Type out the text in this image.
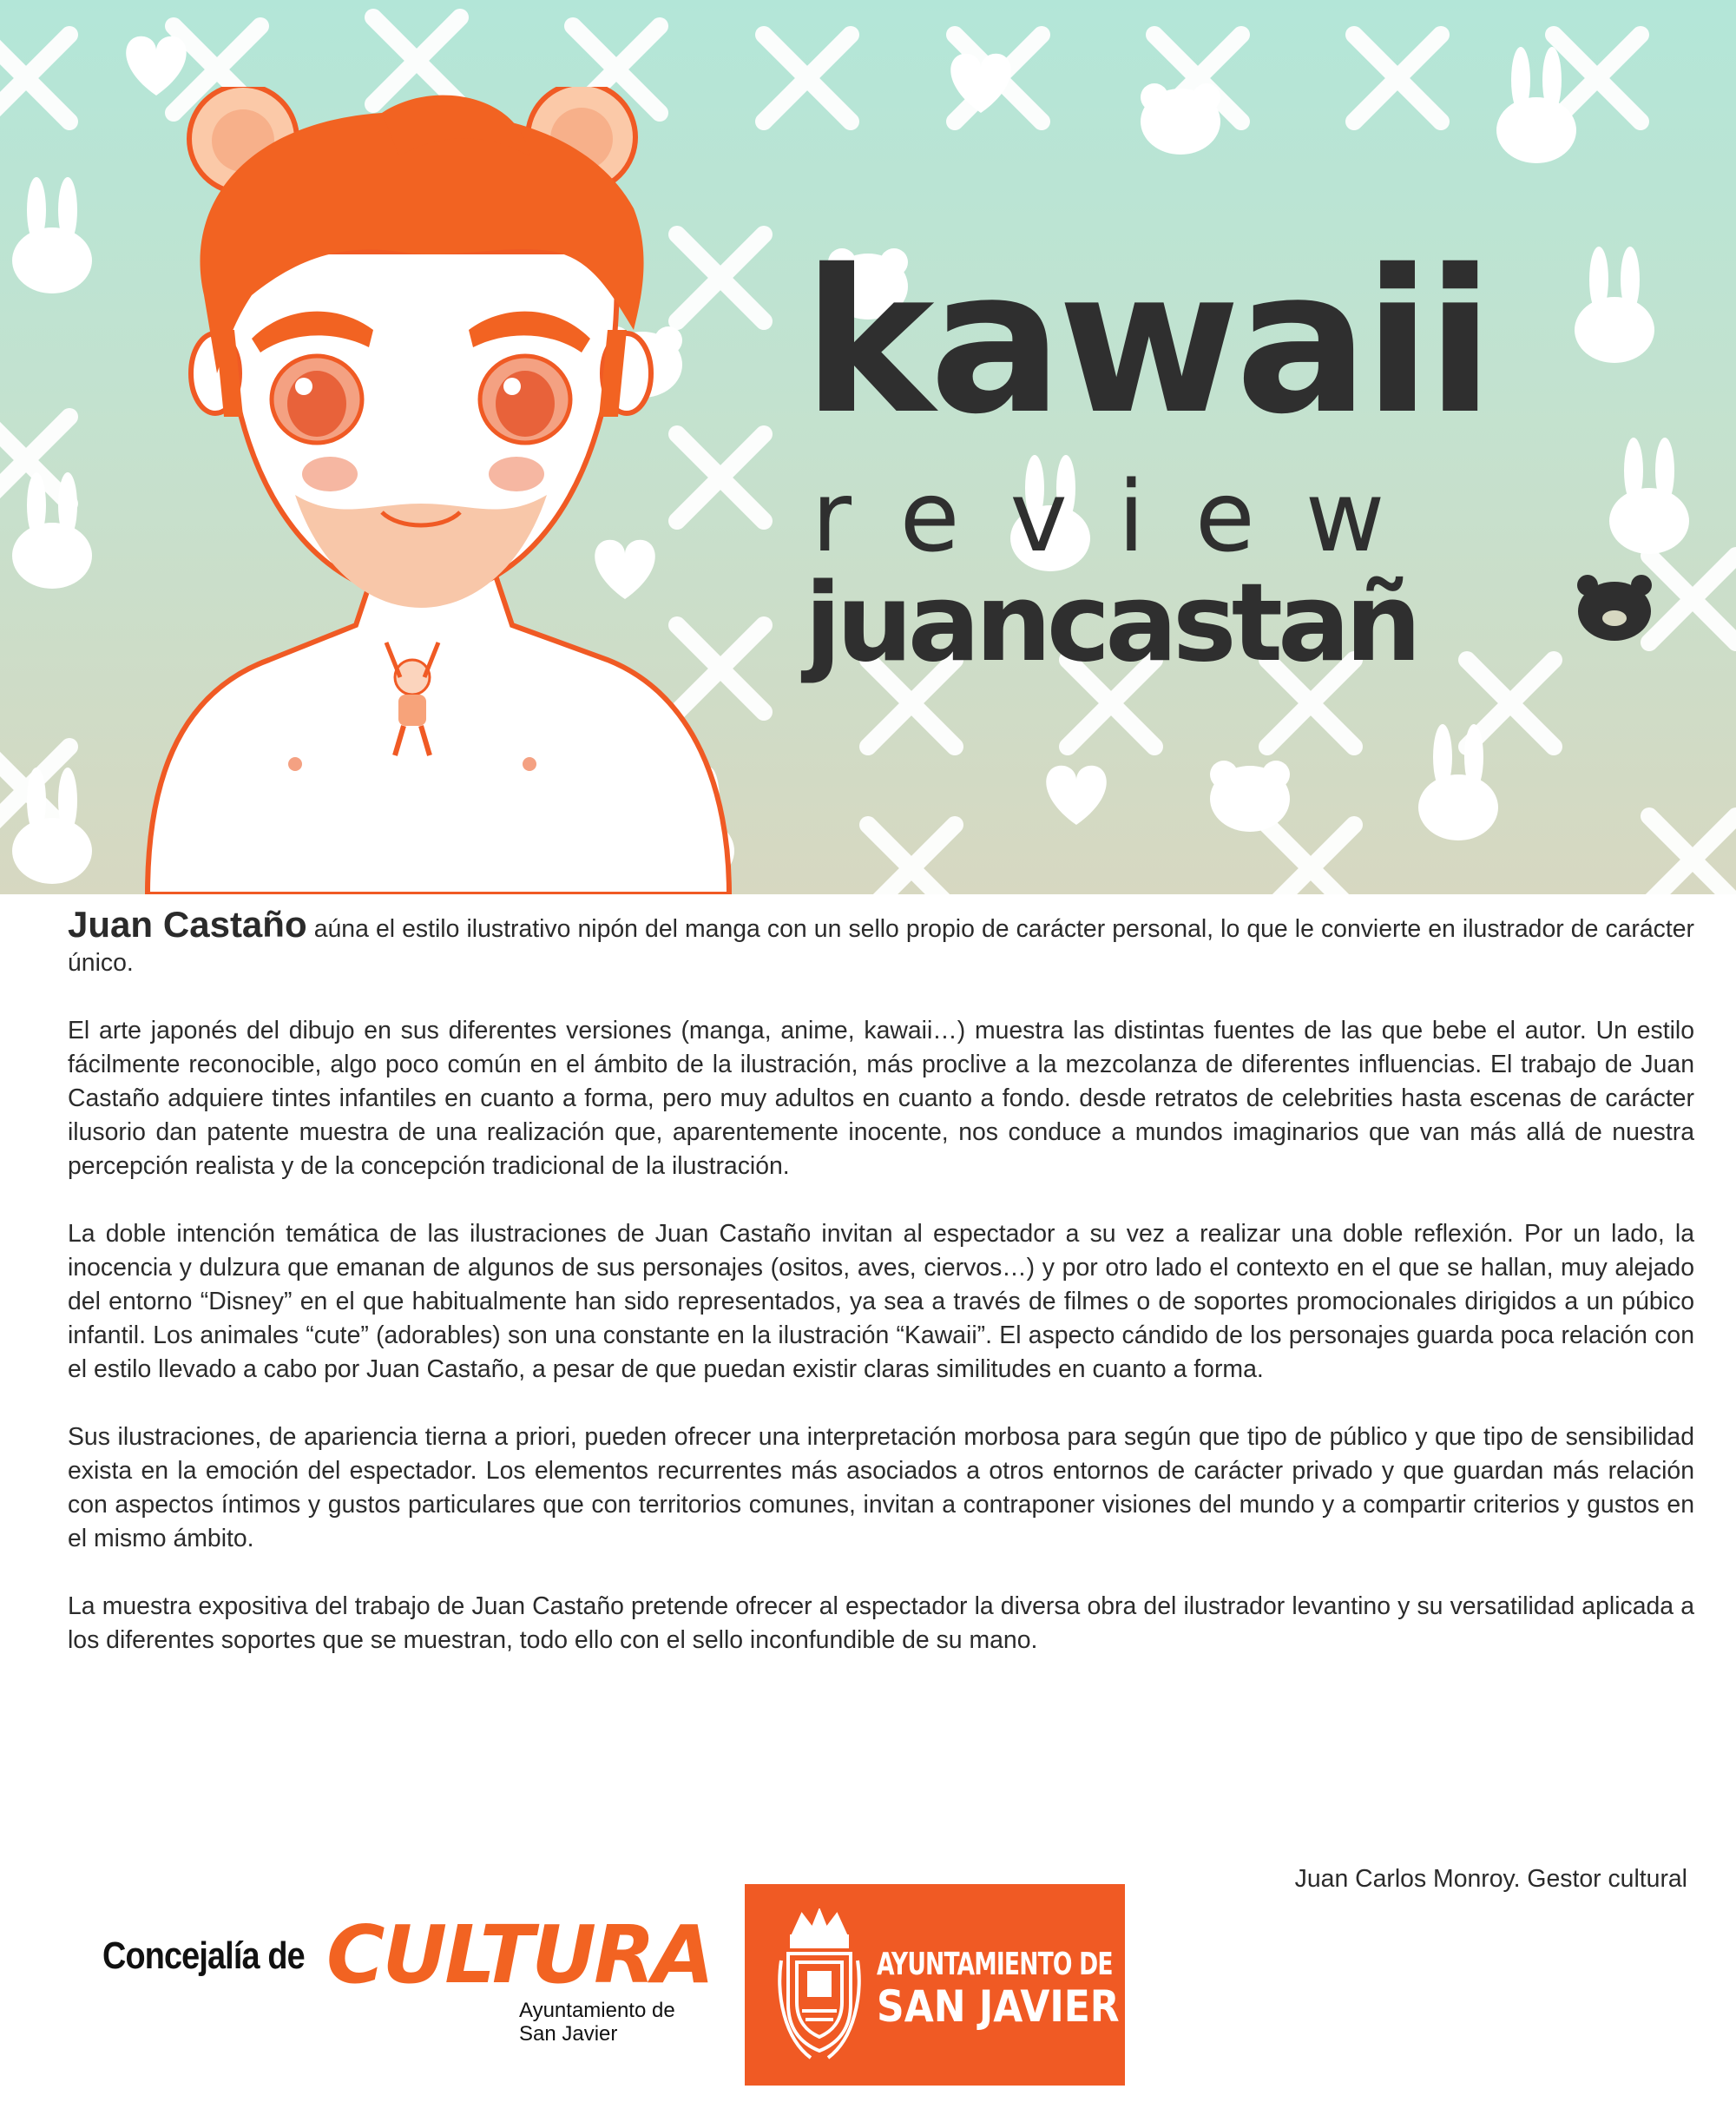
kawaii
review
juancastañ

Juan Castaño aúna el estilo ilustrativo nipón del manga con un sello propio de carácter personal, lo que le convierte en ilustrador de carácter único.

El arte japonés del dibujo en sus diferentes versiones (manga, anime, kawaii…) muestra las distintas fuentes de las que bebe el autor. Un estilo fácilmente reconocible, algo poco común en el ámbito de la ilustración, más proclive a la mezcolanza de diferentes influencias. El trabajo de Juan Castaño adquiere tintes infantiles en cuanto a forma, pero muy adultos en cuanto a fondo. desde retratos de celebrities hasta escenas de carácter ilusorio dan patente muestra de una realización que, aparentemente inocente, nos conduce a mundos imaginarios que van más allá de nuestra percepción realista y de la concepción tradicional de la ilustración.

La doble intención temática de las ilustraciones de Juan Castaño invitan al espectador a su vez a realizar una doble reflexión. Por un lado, la inocencia y dulzura que emanan de algunos de sus personajes (ositos, aves, ciervos…) y por otro lado el contexto en el que se hallan, muy alejado del entorno “Disney” en el que habitualmente han sido representados, ya sea a través de filmes o de soportes promocionales dirigidos a un púbico infantil. Los animales “cute” (adorables) son una constante en la ilustración “Kawaii”. El aspecto cándido de los personajes guarda poca relación con el estilo llevado a cabo por Juan Castaño, a pesar de que puedan existir claras similitudes en cuanto a forma.

Sus ilustraciones, de apariencia tierna a priori, pueden ofrecer una interpretación morbosa para según que tipo de público y que tipo de sensibilidad exista en la emoción del espectador. Los elementos recurrentes más asociados a otros entornos de carácter privado y que guardan más relación con aspectos íntimos y gustos particulares que con territorios comunes, invitan a contraponer visiones del mundo y a compartir criterios y gustos en el mismo ámbito.

La muestra expositiva del trabajo de Juan Castaño pretende ofrecer al espectador la diversa obra del ilustrador levantino y su versatilidad aplicada a los diferentes soportes que se muestran, todo ello con el sello inconfundible de su mano.

Juan Carlos Monroy. Gestor cultural
Concejalía de CULTURA
Ayuntamiento de
San Javier
AYUNTAMIENTO DE
SAN JAVIER
